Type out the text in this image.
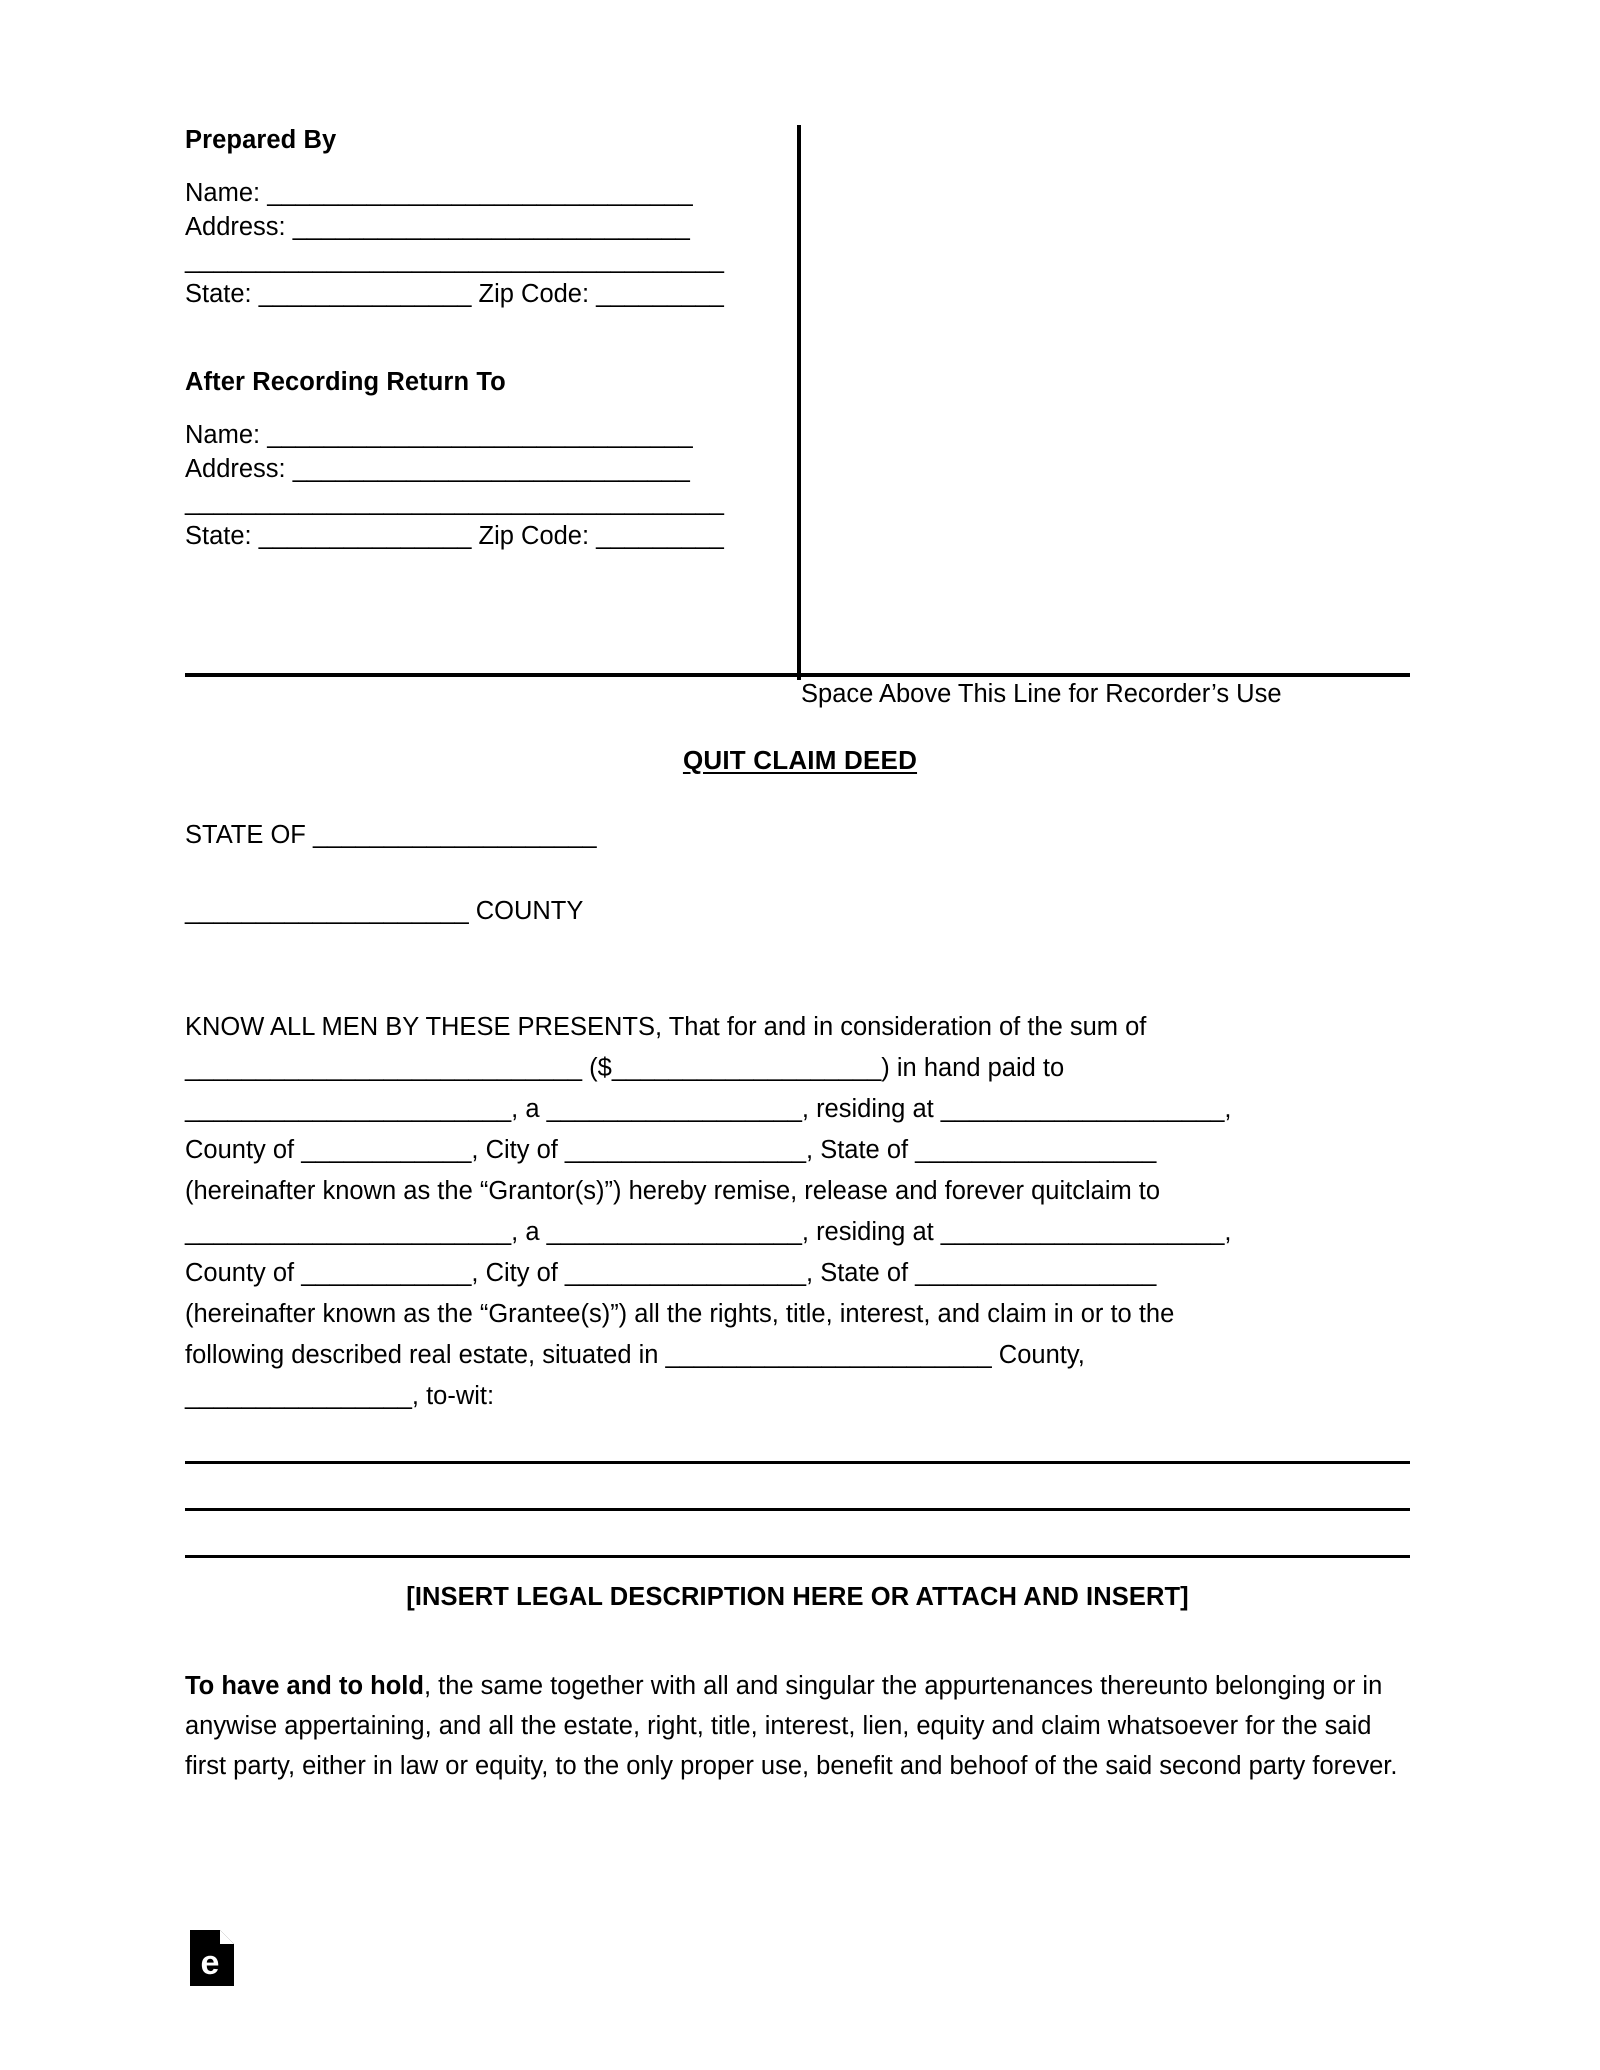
Prepared By
Name: ______________________________
Address: ____________________________
______________________________________
State: _______________ Zip Code: _________
After Recording Return To
Name: ______________________________
Address: ____________________________
______________________________________
State: _______________ Zip Code: _________
Space Above This Line for Recorder’s Use
QUIT CLAIM DEED
STATE OF ____________________
____________________ COUNTY
KNOW ALL MEN BY THESE PRESENTS, That for and in consideration of the sum of
____________________________ ($___________________) in hand paid to
_______________________, a __________________, residing at ____________________,
County of ____________, City of _________________, State of _________________
(hereinafter known as the “Grantor(s)”) hereby remise, release and forever quitclaim to
_______________________, a __________________, residing at ____________________,
County of ____________, City of _________________, State of _________________
(hereinafter known as the “Grantee(s)”) all the rights, title, interest, and claim in or to the
following described real estate, situated in _______________________ County,
________________, to-wit:
[INSERT LEGAL DESCRIPTION HERE OR ATTACH AND INSERT]
To have and to hold, the same together with all and singular the appurtenances thereunto belonging or in anywise appertaining, and all the estate, right, title, interest, lien, equity and claim whatsoever for the said first party, either in law or equity, to the only proper use, benefit and behoof of the said second party forever.
e
